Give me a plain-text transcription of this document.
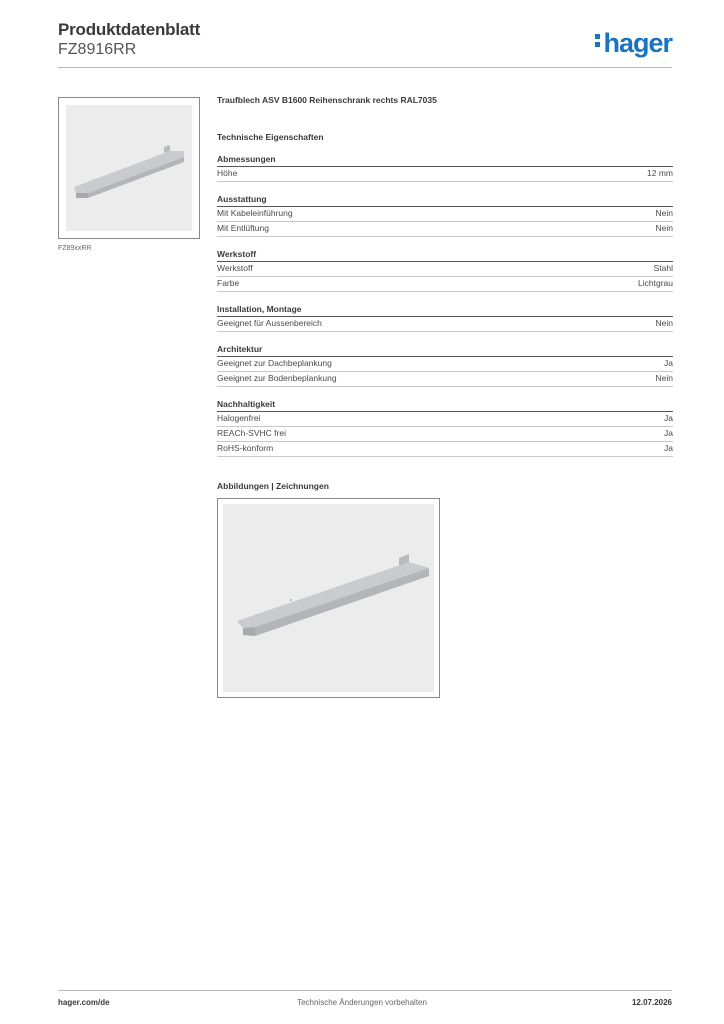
Produktdatenblatt
FZ8916RR	hager
FZ89xxRR
Traufblech ASV B1600 Reihenschrank rechts RAL7035
Technische Eigenschaften
Abmessungen
Höhe	12 mm
Ausstattung
Mit Kabeleinführung	Nein
Mit Entlüftung	Nein
Werkstoff
Werkstoff	Stahl
Farbe	Lichtgrau
Installation, Montage
Geeignet für Aussenbereich	Nein
Architektur
Geeignet zur Dachbeplankung	Ja
Geeignet zur Bodenbeplankung	Nein
Nachhaltigkeit
Halogenfrei	Ja
REACh-SVHC frei	Ja
RoHS-konform	Ja
Abbildungen | Zeichnungen
hager.com/de	Technische Änderungen vorbehalten	12.07.2026
